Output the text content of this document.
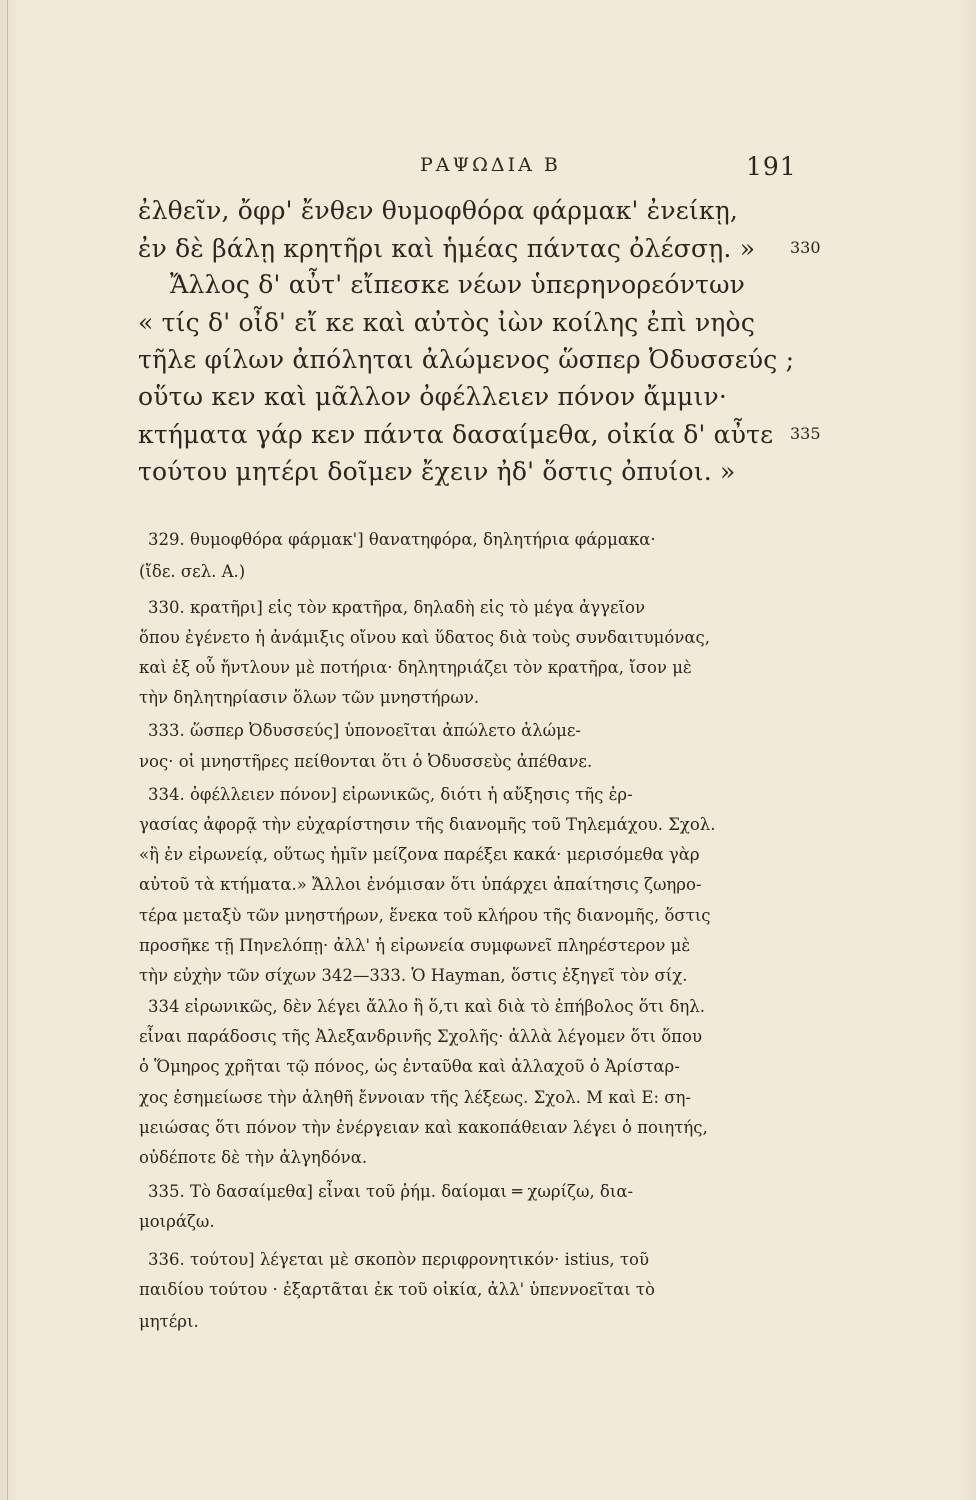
ΡΑΨΩΔΙΑ Β	191
ἐλθεῖν, ὄφρ' ἔνθεν θυμοφθόρα φάρμακ' ἐνείκῃ,
ἐν δὲ βάλῃ κρητῆρι καὶ ἡμέας πάντας ὀλέσσῃ. » 330
Ἄλλος δ' αὖτ' εἴπεσκε νέων ὑπερηνορεόντων
« τίς δ' οἶδ' εἴ κε καὶ αὐτὸς ἰὼν κοίλης ἐπὶ νηὸς
τῆλε φίλων ἀπόληται ἀλώμενος ὥσπερ Ὀδυσσεύς ;
οὕτω κεν καὶ μᾶλλον ὀφέλλειεν πόνον ἄμμιν·
κτήματα γάρ κεν πάντα δασαίμεθα, οἰκία δ' αὖτε 335
τούτου μητέρι δοῖμεν ἔχειν ἠδ' ὅστις ὀπυίοι. »
329. θυμοφθόρα φάρμακ'] θανατηφόρα, δηλητήρια φάρμακα·
(ἴδε. σελ. Α.)
330. κρατῆρι] εἰς τὸν κρατῆρα, δηλαδὴ εἰς τὸ μέγα ἀγγεῖον
ὅπου ἐγένετο ἡ ἀνάμιξις οἴνου καὶ ὕδατος διὰ τοὺς συνδαιτυμόνας,
καὶ ἐξ οὗ ἤντλουν μὲ ποτήρια· δηλητηριάζει τὸν κρατῆρα, ἴσον μὲ
τὴν δηλητηρίασιν ὅλων τῶν μνηστήρων.
333. ὥσπερ Ὀδυσσεύς] ὑπονοεῖται ἀπώλετο ἀλώμε-
νος· οἱ μνηστῆρες πείθονται ὅτι ὁ Ὀδυσσεὺς ἀπέθανε.
334. ὀφέλλειεν πόνον] εἰρωνικῶς, διότι ἡ αὔξησις τῆς ἐρ-
γασίας ἀφορᾷ τὴν εὐχαρίστησιν τῆς διανομῆς τοῦ Τηλεμάχου. Σχολ.
«ἢ ἐν εἰρωνείᾳ, οὕτως ἡμῖν μείζονα παρέξει κακά· μερισόμεθα γὰρ
αὐτοῦ τὰ κτήματα.» Ἄλλοι ἐνόμισαν ὅτι ὑπάρχει ἀπαίτησις ζωηρο-
τέρα μεταξὺ τῶν μνηστήρων, ἕνεκα τοῦ κλήρου τῆς διανομῆς, ὅστις
προσῆκε τῇ Πηνελόπῃ· ἀλλ' ἡ εἰρωνεία συμφωνεῖ πληρέστερον μὲ
τὴν εὐχὴν τῶν σίχων 342—333. Ὁ Hayman, ὅστις ἐξηγεῖ τὸν σίχ.
334 εἰρωνικῶς, δὲν λέγει ἄλλο ἢ ὅ,τι καὶ διὰ τὸ ἐπήβολος ὅτι δηλ.
εἶναι παράδοσις τῆς Ἀλεξανδρινῆς Σχολῆς· ἀλλὰ λέγομεν ὅτι ὅπου
ὁ Ὅμηρος χρῆται τῷ πόνος, ὡς ἐνταῦθα καὶ ἀλλαχοῦ ὁ Ἀρίσταρ-
χος ἐσημείωσε τὴν ἀληθῆ ἔννοιαν τῆς λέξεως. Σχολ. Μ καὶ Ε: ση-
μειώσας ὅτι πόνον τὴν ἐνέργειαν καὶ κακοπάθειαν λέγει ὁ ποιητής,
οὐδέποτε δὲ τὴν ἀλγηδόνα.
335. Τὸ δασαίμεθα] εἶναι τοῦ ῥήμ. δαίομαι ═ χωρίζω, δια-
μοιράζω.
336. τούτου] λέγεται μὲ σκοπὸν περιφρονητικόν· istius, τοῦ
παιδίου τούτου · ἐξαρτᾶται ἐκ τοῦ οἰκία, ἀλλ' ὑπεννοεῖται τὸ
μητέρι.
